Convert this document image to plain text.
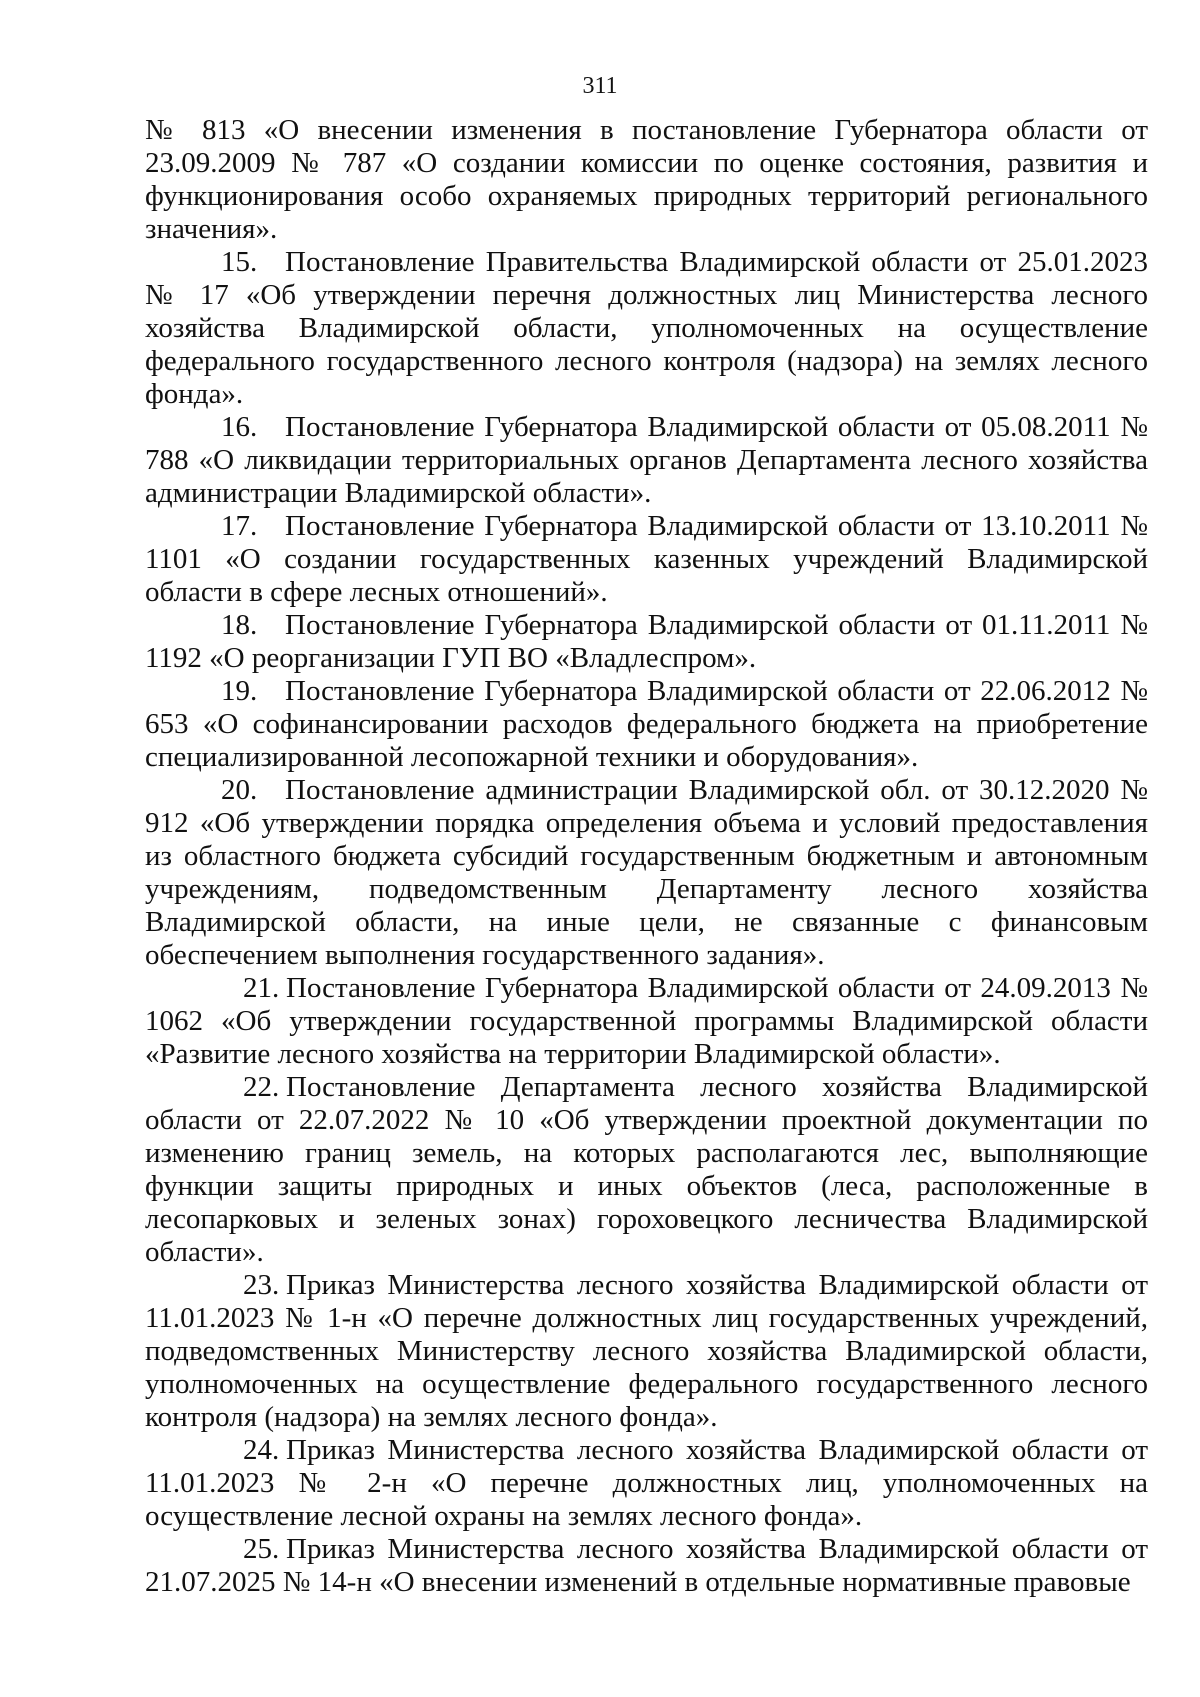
311

№ 813 «О внесении изменения в постановление Губернатора области от 23.09.2009 № 787 «О создании комиссии по оценке состояния, развития и функционирования особо охраняемых природных территорий регионального значения».

15. Постановление Правительства Владимирской области от 25.01.2023 № 17 «Об утверждении перечня должностных лиц Министерства лесного хозяйства Владимирской области, уполномоченных на осуществление федерального государственного лесного контроля (надзора) на землях лесного фонда».

16. Постановление Губернатора Владимирской области от 05.08.2011 № 788 «О ликвидации территориальных органов Департамента лесного хозяйства администрации Владимирской области».

17. Постановление Губернатора Владимирской области от 13.10.2011 № 1101 «О создании государственных казенных учреждений Владимирской области в сфере лесных отношений».

18. Постановление Губернатора Владимирской области от 01.11.2011 № 1192 «О реорганизации ГУП ВО «Владлеспром».

19. Постановление Губернатора Владимирской области от 22.06.2012 № 653 «О софинансировании расходов федерального бюджета на приобретение специализированной лесопожарной техники и оборудования».

20. Постановление администрации Владимирской обл. от 30.12.2020 № 912 «Об утверждении порядка определения объема и условий предоставления из областного бюджета субсидий государственным бюджетным и автономным учреждениям, подведомственным Департаменту лесного хозяйства Владимирской области, на иные цели, не связанные с финансовым обеспечением выполнения государственного задания».

21. Постановление Губернатора Владимирской области от 24.09.2013 № 1062 «Об утверждении государственной программы Владимирской области «Развитие лесного хозяйства на территории Владимирской области».

22. Постановление Департамента лесного хозяйства Владимирской области от 22.07.2022 № 10 «Об утверждении проектной документации по изменению границ земель, на которых располагаются лес, выполняющие функции защиты природных и иных объектов (леса, расположенные в лесопарковых и зеленых зонах) гороховецкого лесничества Владимирской области».

23. Приказ Министерства лесного хозяйства Владимирской области от 11.01.2023 № 1-н «О перечне должностных лиц государственных учреждений, подведомственных Министерству лесного хозяйства Владимирской области, уполномоченных на осуществление федерального государственного лесного контроля (надзора) на землях лесного фонда».

24. Приказ Министерства лесного хозяйства Владимирской области от 11.01.2023 № 2-н «О перечне должностных лиц, уполномоченных на осуществление лесной охраны на землях лесного фонда».

25. Приказ Министерства лесного хозяйства Владимирской области от 21.07.2025 № 14-н «О внесении изменений в отдельные нормативные правовые
